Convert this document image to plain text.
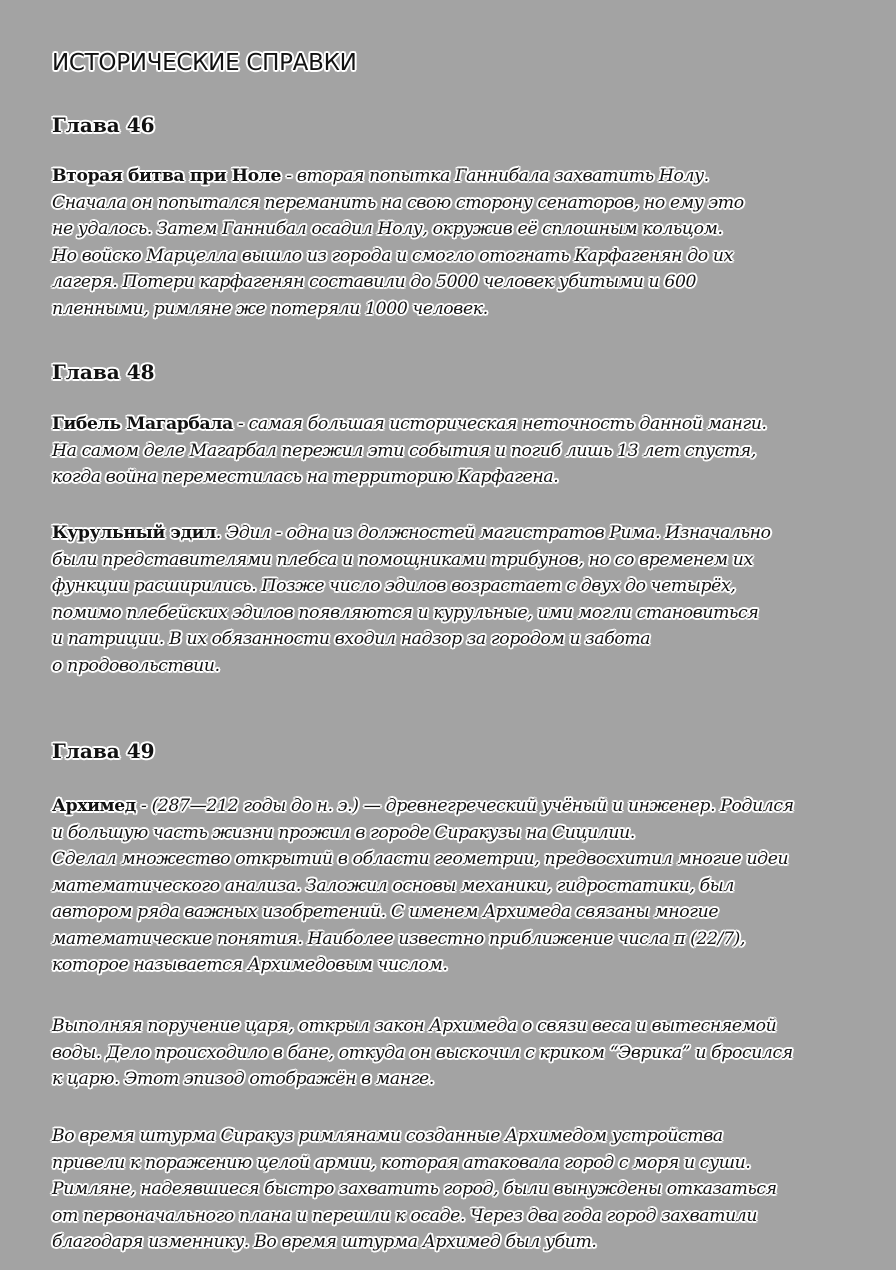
ИСТОРИЧЕСКИЕ СПРАВКИ
Глава 46
Вторая битва при Ноле - вторая попытка Ганнибала захватить Нолу.
Сначала он попытался переманить на свою сторону сенаторов, но ему это
не удалось. Затем Ганнибал осадил Нолу, окружив её сплошным кольцом.
Но войско Марцелла вышло из города и смогло отогнать Карфагенян до их
лагеря. Потери карфагенян составили до 5000 человек убитыми и 600
пленными, римляне же потеряли 1000 человек.
Глава 48
Гибель Магарбала - самая большая историческая неточность данной манги.
На самом деле Магарбал пережил эти события и погиб лишь 13 лет спустя,
когда война переместилась на территорию Карфагена.
Курульный эдил. Эдил - одна из должностей магистратов Рима. Изначально
были представителями плебса и помощниками трибунов, но со временем их
функции расширились. Позже число эдилов возрастает с двух до четырёх,
помимо плебейских эдилов появляются и курульные, ими могли становиться
и патриции. В их обязанности входил надзор за городом и забота
о продовольствии.
Глава 49
Архимед - (287—212 годы до н. э.) — древнегреческий учёный и инженер. Родился
и большую часть жизни прожил в городе Сиракузы на Сицилии.
Сделал множество открытий в области геометрии, предвосхитил многие идеи
математического анализа. Заложил основы механики, гидростатики, был
автором ряда важных изобретений. С именем Архимеда связаны многие
математические понятия. Наиболее известно приближение числа π (22/7),
которое называется Архимедовым числом.
Выполняя поручение царя, открыл закон Архимеда о связи веса и вытесняемой
воды. Дело происходило в бане, откуда он выскочил с криком “Эврика” и бросился
к царю. Этот эпизод отображён в манге.
Во время штурма Сиракуз римлянами созданные Архимедом устройства
привели к поражению целой армии, которая атаковала город с моря и суши.
Римляне, надеявшиеся быстро захватить город, были вынуждены отказаться
от первоначального плана и перешли к осаде. Через два года город захватили
благодаря изменнику. Во время штурма Архимед был убит.
